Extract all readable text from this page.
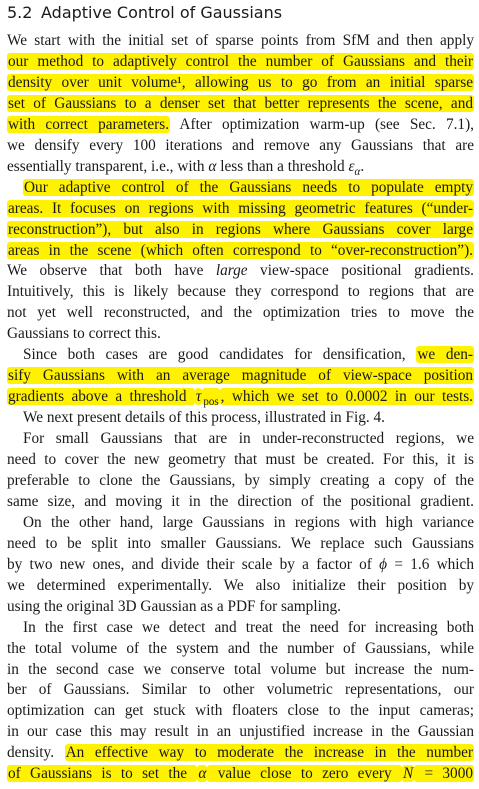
5.2 Adaptive Control of Gaussians
We start with the initial set of sparse points from SfM and then apply
our method to adaptively control the number of Gaussians and their
density over unit volume¹, allowing us to go from an initial sparse
set of Gaussians to a denser set that better represents the scene, and
with correct parameters. After optimization warm-up (see Sec. 7.1),
we densify every 100 iterations and remove any Gaussians that are
essentially transparent, i.e., with α less than a threshold $\varepsilon_\alpha$.
Our adaptive control of the Gaussians needs to populate empty
areas. It focuses on regions with missing geometric features (“under-
reconstruction”), but also in regions where Gaussians cover large
areas in the scene (which often correspond to “over-reconstruction”).
We observe that both have large view-space positional gradients.
Intuitively, this is likely because they correspond to regions that are
not yet well reconstructed, and the optimization tries to move the
Gaussians to correct this.
Since both cases are good candidates for densification, we den-
sify Gaussians with an average magnitude of view-space position
gradients above a threshold τ $_{pos}$ , which we set to 0.0002 in our tests.
We next present details of this process, illustrated in Fig. 4.
For small Gaussians that are in under-reconstructed regions, we
need to cover the new geometry that must be created. For this, it is
preferable to clone the Gaussians, by simply creating a copy of the
same size, and moving it in the direction of the positional gradient.
On the other hand, large Gaussians in regions with high variance
need to be split into smaller Gaussians. We replace such Gaussians
by two new ones, and divide their scale by a factor of ϕ = 1.6 which
we determined experimentally. We also initialize their position by
using the original 3D Gaussian as a PDF for sampling.
In the first case we detect and treat the need for increasing both
the total volume of the system and the number of Gaussians, while
in the second case we conserve total volume but increase the num-
ber of Gaussians. Similar to other volumetric representations, our
optimization can get stuck with floaters close to the input cameras;
in our case this may result in an unjustified increase in the Gaussian
density. An effective way to moderate the increase in the number
of Gaussians is to set the α value close to zero every N = 3000
